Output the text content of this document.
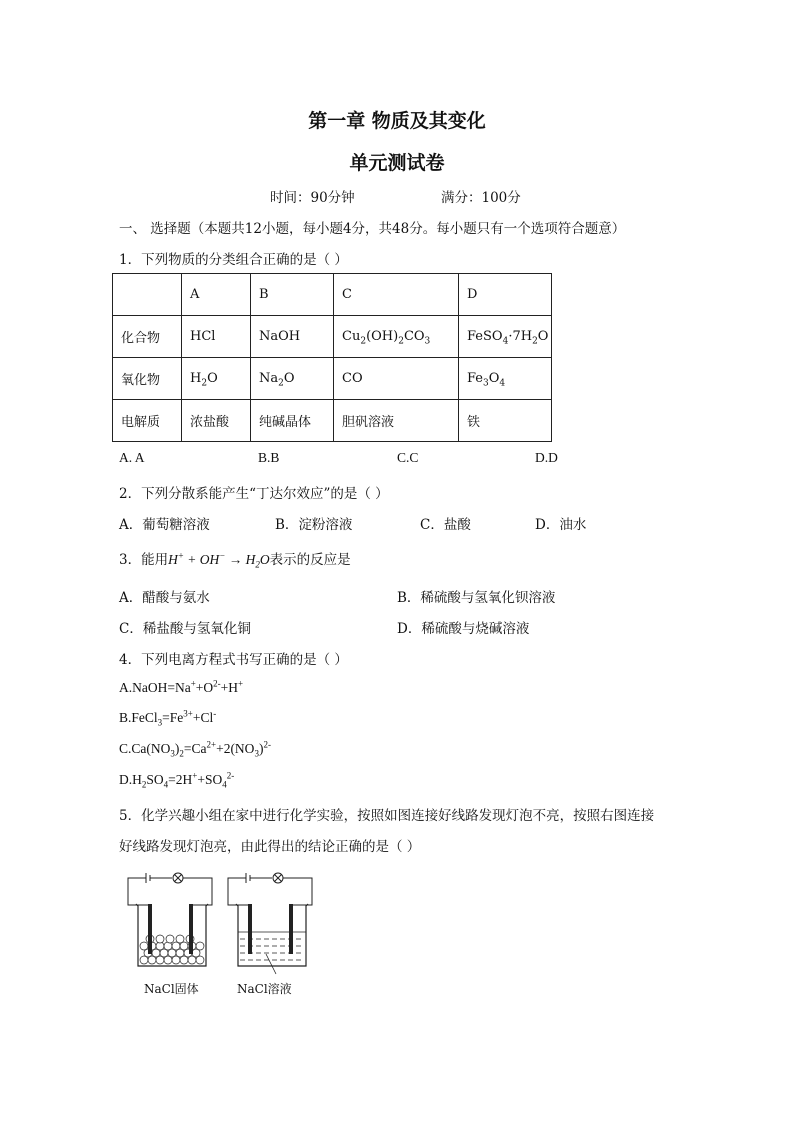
第一章 物质及其变化
单元测试卷
时间：90分钟	满分：100分
一、 选择题（本题共12小题，每小题4分，共48分。每小题只有一个选项符合题意）
1．下列物质的分类组合正确的是（ ）
	A	B	C	D
化合物	HCl	NaOH	$Cu_2(OH)_2CO_3$	$FeSO_4\cdot 7H_2O$
氧化物	$H_2O$	$Na_2O$	CO	$Fe_3O_4$
电解质	浓盐酸	纯碱晶体	胆矾溶液	铁
A. A	B.B	C.C	D.D
2．下列分散系能产生“丁达尔效应”的是（ ）
A．葡萄糖溶液	B．淀粉溶液	C．盐酸	D．油水
3．能用$H^+ + OH^- \to H_2O$表示的反应是
A．醋酸与氨水	B．稀硫酸与氢氧化钡溶液
C．稀盐酸与氢氧化铜	D．稀硫酸与烧碱溶液
4．下列电离方程式书写正确的是（ ）
$A.NaOH=Na^++O^{2-}+H^+$
$B.FeCl_3=Fe^{3+}+Cl^-$
$C.Ca(NO_3)_2=Ca^{2+}+2(NO_3)^{2-}$
$D.H_2SO_4=2H^++SO_4^{2-}$
5．化学兴趣小组在家中进行化学实验，按照如图连接好线路发现灯泡不亮，按照右图连接
好线路发现灯泡亮，由此得出的结论正确的是（ ）
NaCl固体	NaCl溶液
